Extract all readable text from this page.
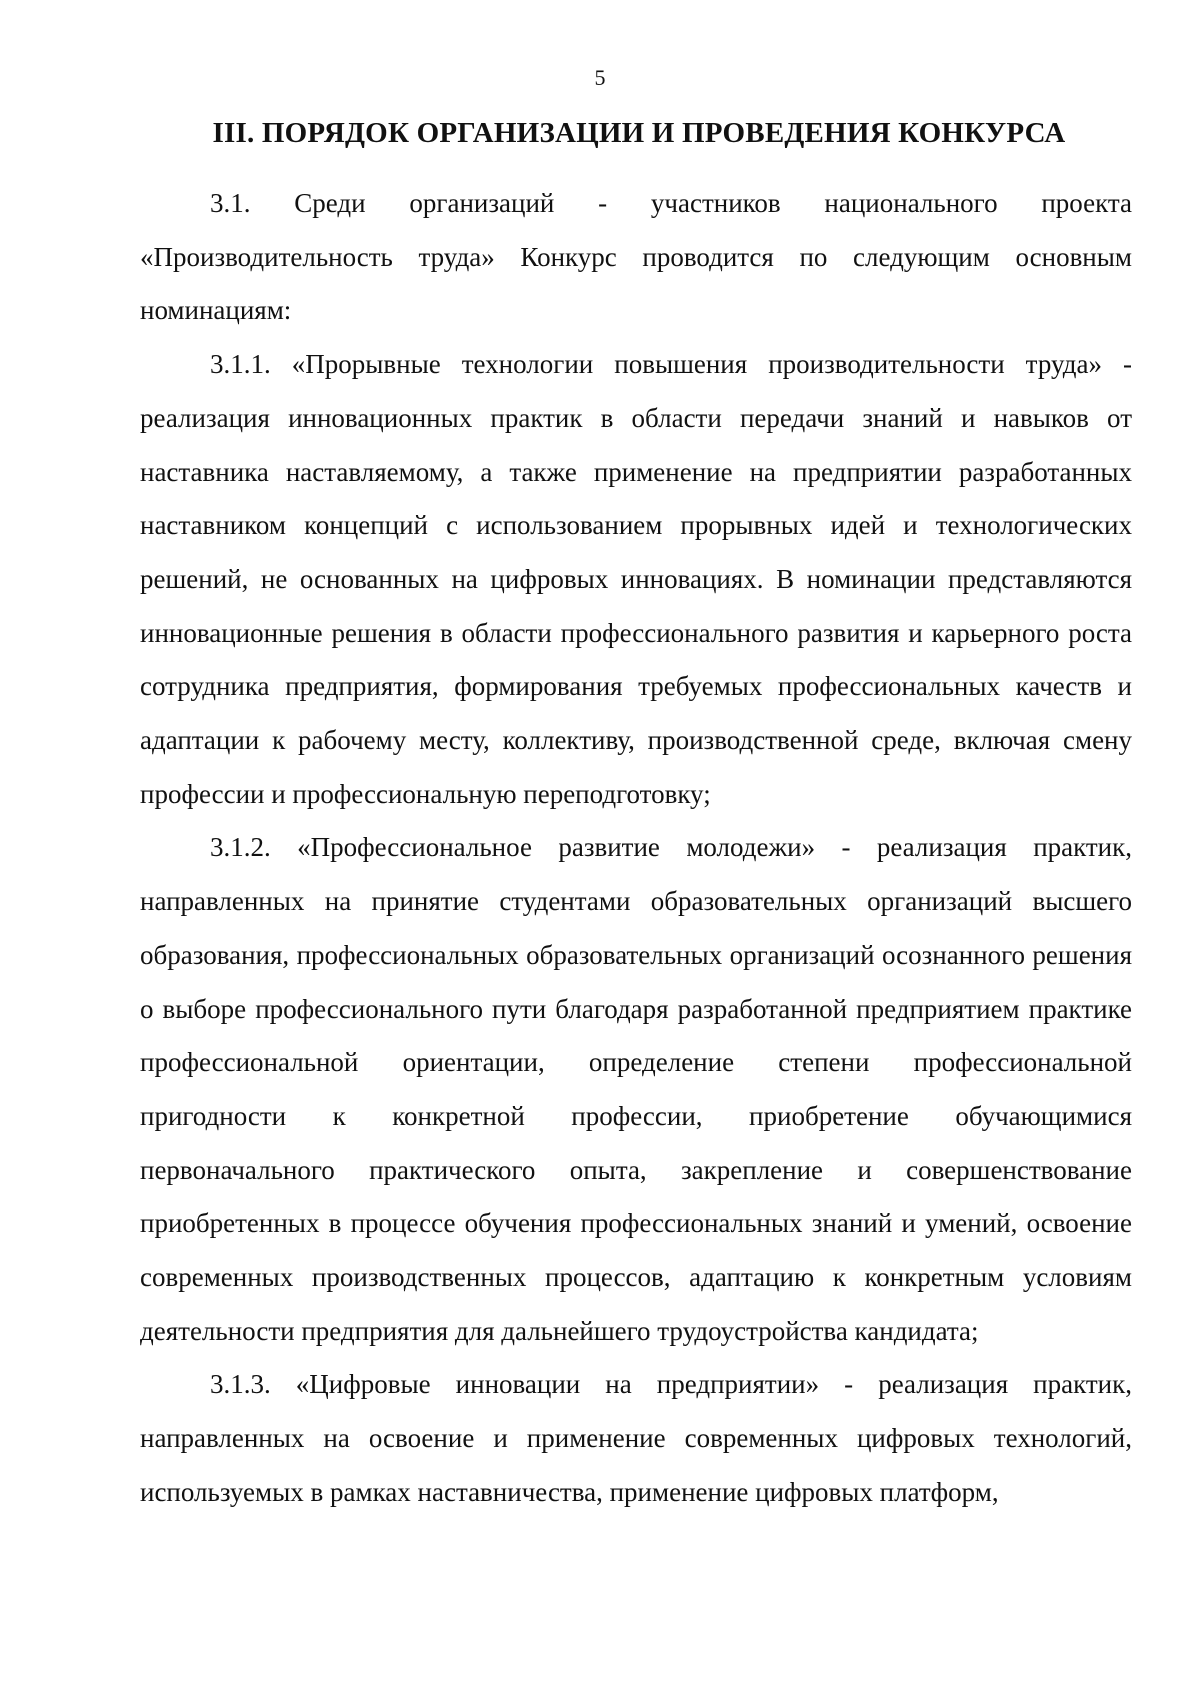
5
III. ПОРЯДОК ОРГАНИЗАЦИИ И ПРОВЕДЕНИЯ КОНКУРСА

3.1. Среди организаций - участников национального проекта «Производительность труда» Конкурс проводится по следующим основным номинациям:

3.1.1. «Прорывные технологии повышения производительности труда» - реализация инновационных практик в области передачи знаний и навыков от наставника наставляемому, а также применение на предприятии разработанных наставником концепций с использованием прорывных идей и технологических решений, не основанных на цифровых инновациях. В номинации представляются инновационные решения в области профессионального развития и карьерного роста сотрудника предприятия, формирования требуемых профессиональных качеств и адаптации к рабочему месту, коллективу, производственной среде, включая смену профессии и профессиональную переподготовку;

3.1.2. «Профессиональное развитие молодежи» - реализация практик, направленных на принятие студентами образовательных организаций высшего образования, профессиональных образовательных организаций осознанного решения о выборе профессионального пути благодаря разработанной предприятием практике профессиональной ориентации, определение степени профессиональной пригодности к конкретной профессии, приобретение обучающимися первоначального практического опыта, закрепление и совершенствование приобретенных в процессе обучения профессиональных знаний и умений, освоение современных производственных процессов, адаптацию к конкретным условиям деятельности предприятия для дальнейшего трудоустройства кандидата;

3.1.3. «Цифровые инновации на предприятии» - реализация практик, направленных на освоение и применение современных цифровых технологий, используемых в рамках наставничества, применение цифровых платформ,
